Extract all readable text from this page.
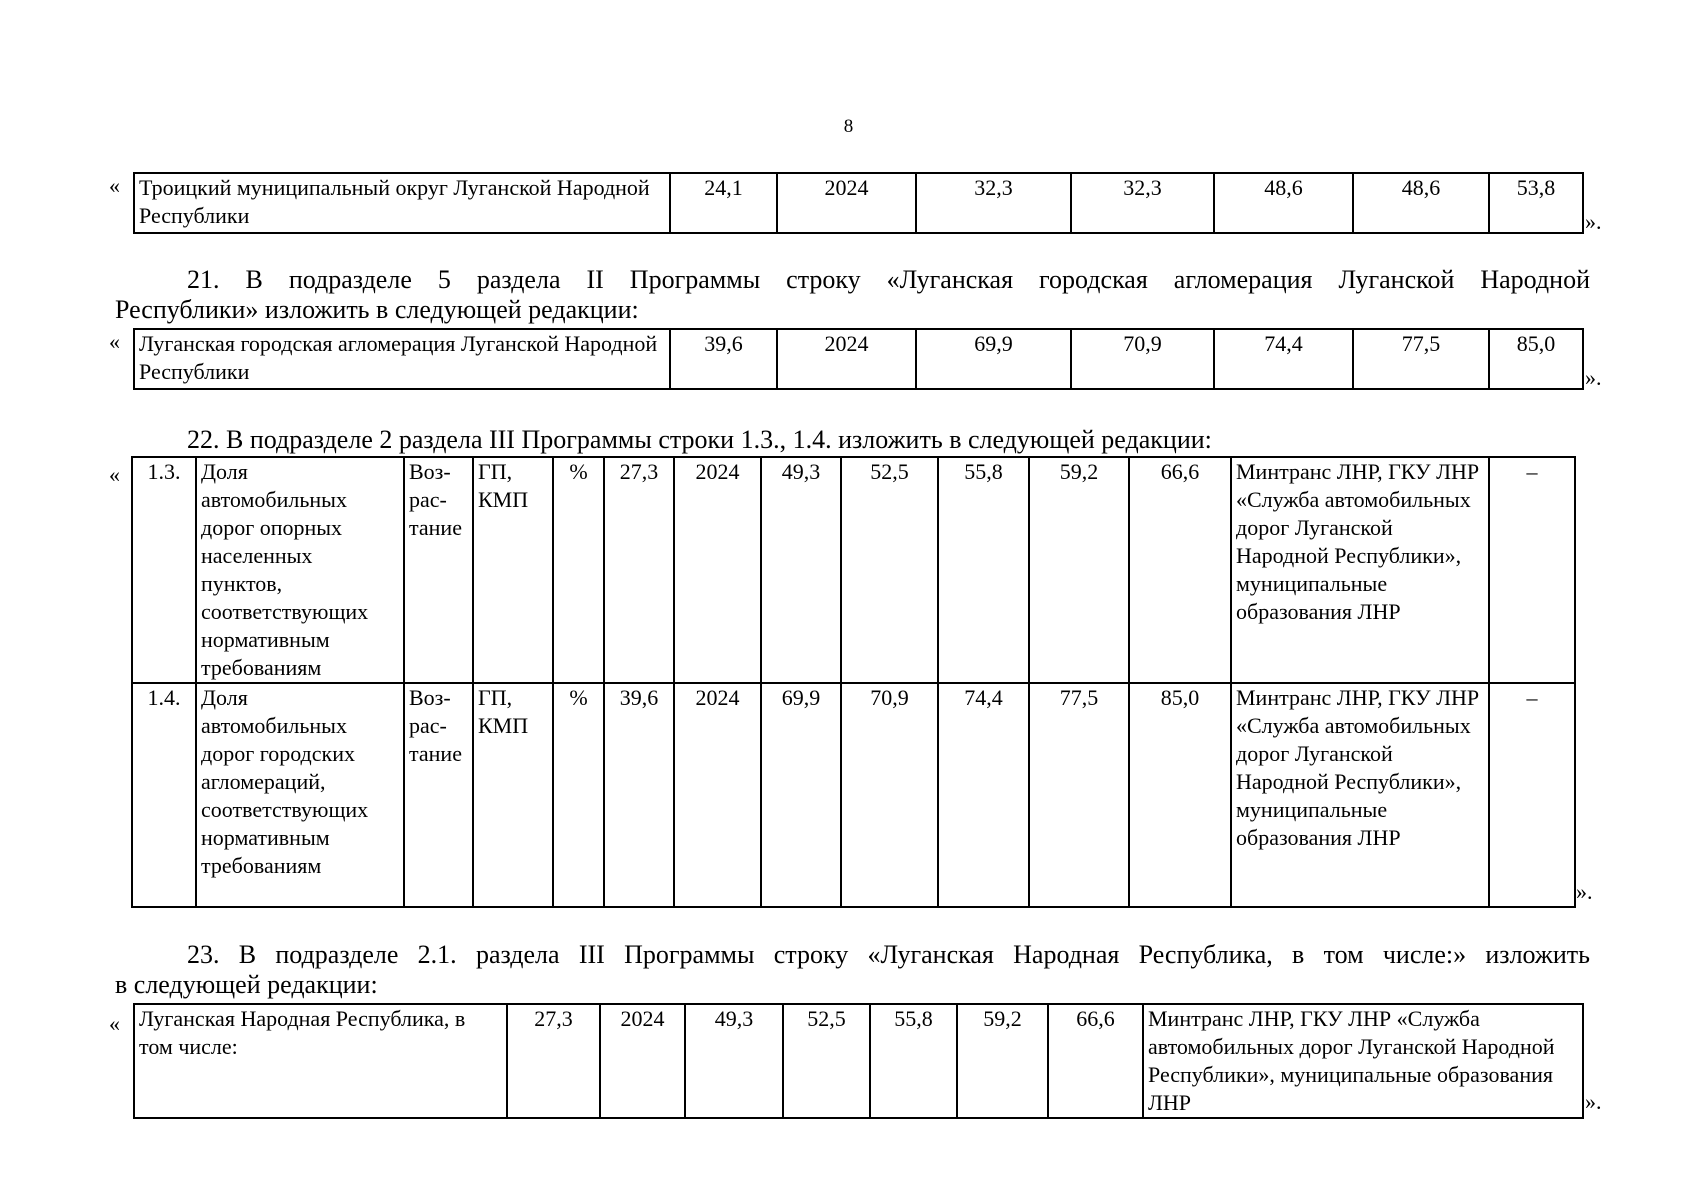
8
« Троицкий муниципальный округ Луганской Народной Республики	24,1	2024	32,3	32,3	48,6	48,6	53,8
».
21. В подразделе 5 раздела II Программы строку «Луганская городская агломерация Луганской Народной
Республики» изложить в следующей редакции:
« Луганская городская агломерация Луганской Народной Республики	39,6	2024	69,9	70,9	74,4	77,5	85,0
».
22. В подразделе 2 раздела III Программы строки 1.3., 1.4. изложить в следующей редакции:
« 1.3.	Доля автомобильных дорог опорных населенных пунктов, соответствующих нормативным требованиям	Воз-рас-тание	ГП, КМП	%	27,3	2024	49,3	52,5	55,8	59,2	66,6	Минтранс ЛНР, ГКУ ЛНР «Служба автомобильных дорог Луганской Народной Республики», муниципальные образования ЛНР	–
1.4.	Доля автомобильных дорог городских агломераций, соответствующих нормативным требованиям	Воз-рас-тание	ГП, КМП	%	39,6	2024	69,9	70,9	74,4	77,5	85,0	Минтранс ЛНР, ГКУ ЛНР «Служба автомобильных дорог Луганской Народной Республики», муниципальные образования ЛНР	–
».
23. В подразделе 2.1. раздела III Программы строку «Луганская Народная Республика, в том числе:» изложить
в следующей редакции:
« Луганская Народная Республика, в том числе:	27,3	2024	49,3	52,5	55,8	59,2	66,6	Минтранс ЛНР, ГКУ ЛНР «Служба автомобильных дорог Луганской Народной Республики», муниципальные образования ЛНР	».
